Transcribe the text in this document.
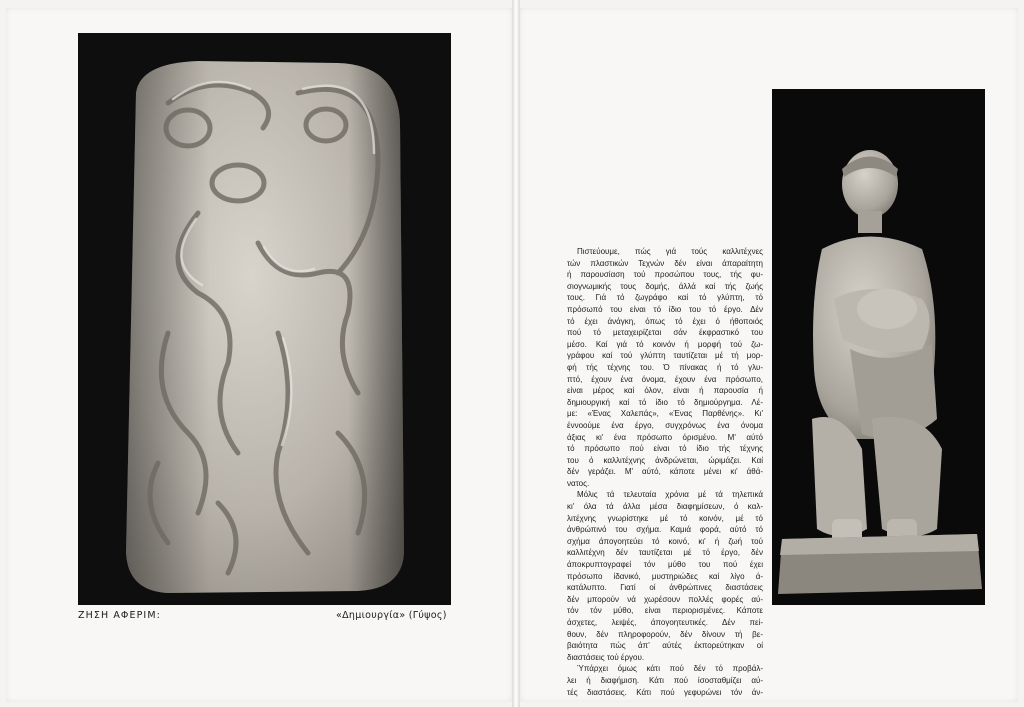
ΖΗΣΗ ΑΦΕΡΙΜ:	«Δημιουργία» (Γύψος)
Πιστεύουμε, πώς γιά τούς καλλιτέχνες
τών πλαστικών Τεχνών δέν είναι άπαραίτητη
ή παρουσίαση τού προσώπου τους, τής φυ-
σιογνωμικής τους δομής, άλλά καί τής ζωής
τους. Γιά τό ζωγράφο καί τό γλύπτη, τό
πρόσωπό του είναι τό ίδιο του τό έργο. Δέν
τό έχει άνάγκη, όπως τό έχει ό ήθοποιός
πού τό μεταχειρίζεται σάν έκφραστικό του
μέσο. Καί γιά τό κοινόν ή μορφή τού ζω-
γράφου καί τού γλύπτη ταυτίζεται μέ τή μορ-
φή τής τέχνης του. Ό πίνακας ή τό γλυ-
πτό, έχουν ένα όνομα, έχουν ένα πρόσωπο,
είναι μέρος καί όλον, είναι ή παρουσία ή
δημιουργική καί τό ίδιο τό δημιούργημα. Λέ-
με: «Ένας Χαλεπάς», «Ένας Παρθένης». Κι'
έννοούμε ένα έργο, συγχρόνως ένα όνομα
άξιας κι' ένα πρόσωπο όρισμένο. Μ' αύτό
τό πρόσωπο πού είναι τό ίδιο τής τέχνης
του ό καλλιτέχνης άνδρώνεται, ώριμάζει. Καί
δέν γεράζει. Μ' αύτό, κάποτε μένει κι' άθά-
νατος.
Μόλις τά τελευταία χρόνια μέ τά τηλεπικά
κι' όλα τά άλλα μέσα διαφημίσεων, ό καλ-
λιτέχνης γνωρίστηκε μέ τό κοινόν, μέ τό
άνθρώπινό του σχήμα. Καμιά φορά, αύτό τό
σχήμα άπογοητεύει τό κοινό, κι' ή ζωή τού
καλλιτέχνη δέν ταυτίζεται μέ τό έργο, δέν
άποκρυπτογραφεί τόν μύθο του πού έχει
πρόσωπο ίδανικό, μυστηριώδες καί λίγο ά-
κατάλυπτο. Γιατί οί άνθρώπινες διαστάσεις
δέν μπορούν νά χωρέσουν πολλές φορές αύ-
τόν τόν μύθο, είναι περιορισμένες. Κάποτε
άσχετες, λειψές, άπογοητευτικές. Δέν πεί-
θουν, δέν πληροφορούν, δέν δίνουν τή βε-
βαιότητα πώς άπ' αύτές έκπορεύτηκαν οί
διαστάσεις τού έργου.
Ύπάρχει όμως κάτι πού δέν τό προβάλ-
λει ή διαφήμιση. Κάτι πού ίσοσταθμίζει αύ-
τές διαστάσεις. Κάτι πού γεφυρώνει τόν άν-
